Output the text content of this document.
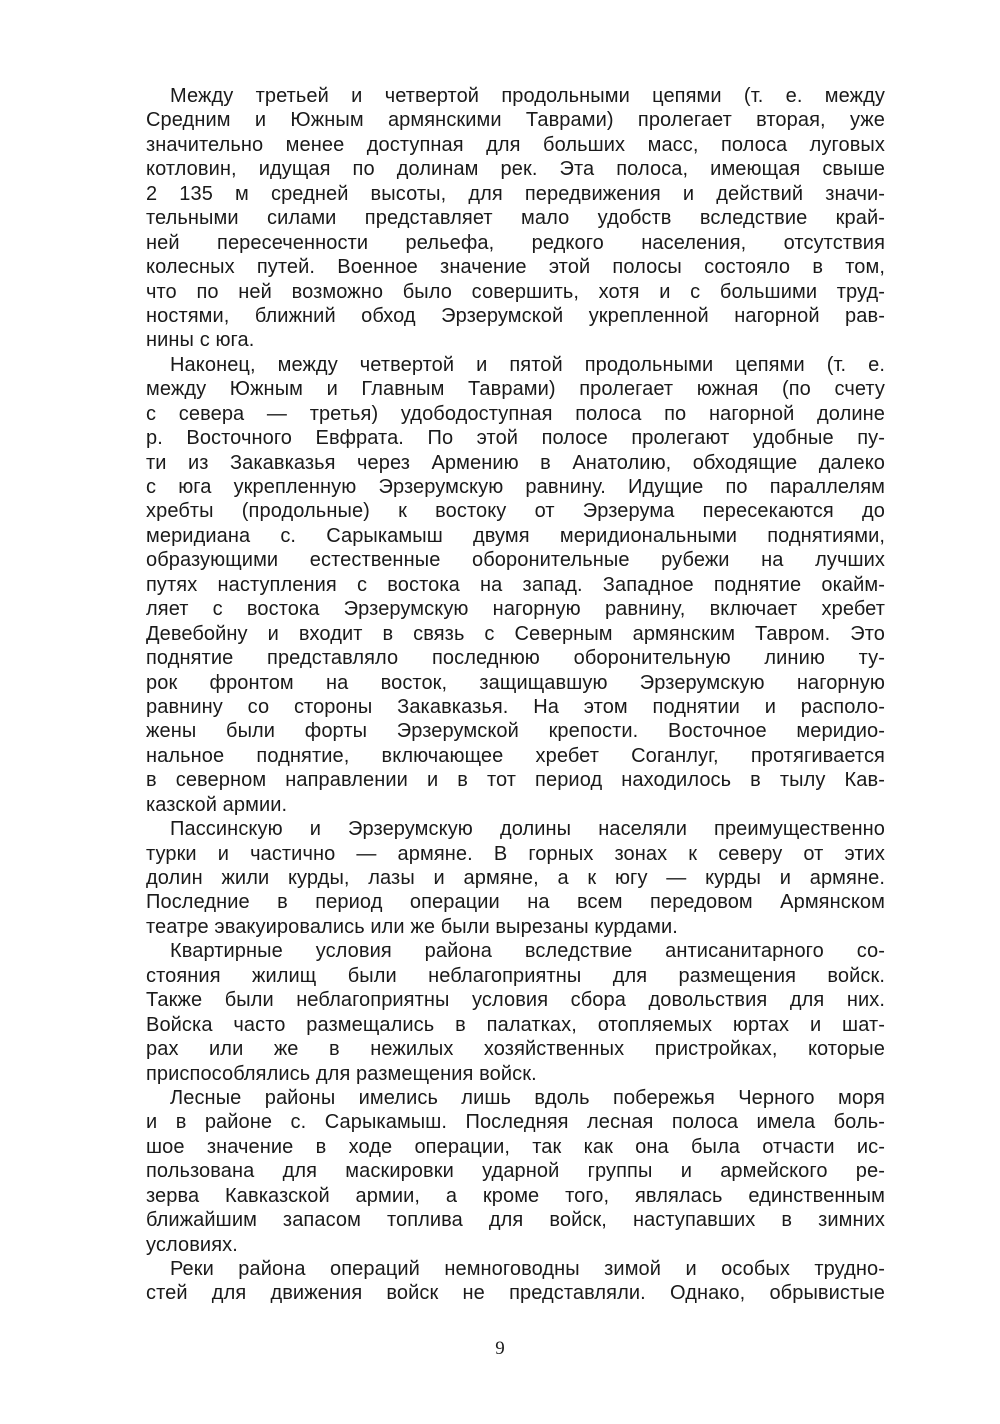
Между третьей и четвертой продольными цепями (т. е. между
Средним и Южным армянскими Таврами) пролегает вторая, уже
значительно менее доступная для больших масс, полоса луговых
котловин, идущая по долинам рек. Эта полоса, имеющая свыше
2 135 м средней высоты, для передвижения и действий значи-
тельными силами представляет мало удобств вследствие край-
ней пересеченности рельефа, редкого населения, отсутствия
колесных путей. Военное значение этой полосы состояло в том,
что по ней возможно было совершить, хотя и с большими труд-
ностями, ближний обход Эрзерумской укрепленной нагорной рав-
нины с юга.
Наконец, между четвертой и пятой продольными цепями (т. е.
между Южным и Главным Таврами) пролегает южная (по счету
с севера — третья) удободоступная полоса по нагорной долине
р. Восточного Евфрата. По этой полосе пролегают удобные пу-
ти из Закавказья через Армению в Анатолию, обходящие далеко
с юга укрепленную Эрзерумскую равнину. Идущие по параллелям
хребты (продольные) к востоку от Эрзерума пересекаются до
меридиана с. Сарыкамыш двумя меридиональными поднятиями,
образующими естественные оборонительные рубежи на лучших
путях наступления с востока на запад. Западное поднятие окайм-
ляет с востока Эрзерумскую нагорную равнину, включает хребет
Девебойну и входит в связь с Северным армянским Тавром. Это
поднятие представляло последнюю оборонительную линию ту-
рок фронтом на восток, защищавшую Эрзерумскую нагорную
равнину со стороны Закавказья. На этом поднятии и располо-
жены были форты Эрзерумской крепости. Восточное меридио-
нальное поднятие, включающее хребет Соганлуг, протягивается
в северном направлении и в тот период находилось в тылу Кав-
казской армии.
Пассинскую и Эрзерумскую долины населяли преимущественно
турки и частично — армяне. В горных зонах к северу от этих
долин жили курды, лазы и армяне, а к югу — курды и армяне.
Последние в период операции на всем передовом Армянском
театре эвакуировались или же были вырезаны курдами.
Квартирные условия района вследствие антисанитарного со-
стояния жилищ были неблагоприятны для размещения войск.
Также были неблагоприятны условия сбора довольствия для них.
Войска часто размещались в палатках, отопляемых юртах и шат-
рах или же в нежилых хозяйственных пристройках, которые
приспособлялись для размещения войск.
Лесные районы имелись лишь вдоль побережья Черного моря
и в районе с. Сарыкамыш. Последняя лесная полоса имела боль-
шое значение в ходе операции, так как она была отчасти ис-
пользована для маскировки ударной группы и армейского ре-
зерва Кавказской армии, а кроме того, являлась единственным
ближайшим запасом топлива для войск, наступавших в зимних
условиях.
Реки района операций немноговодны зимой и особых трудно-
стей для движения войск не представляли. Однако, обрывистые
9
